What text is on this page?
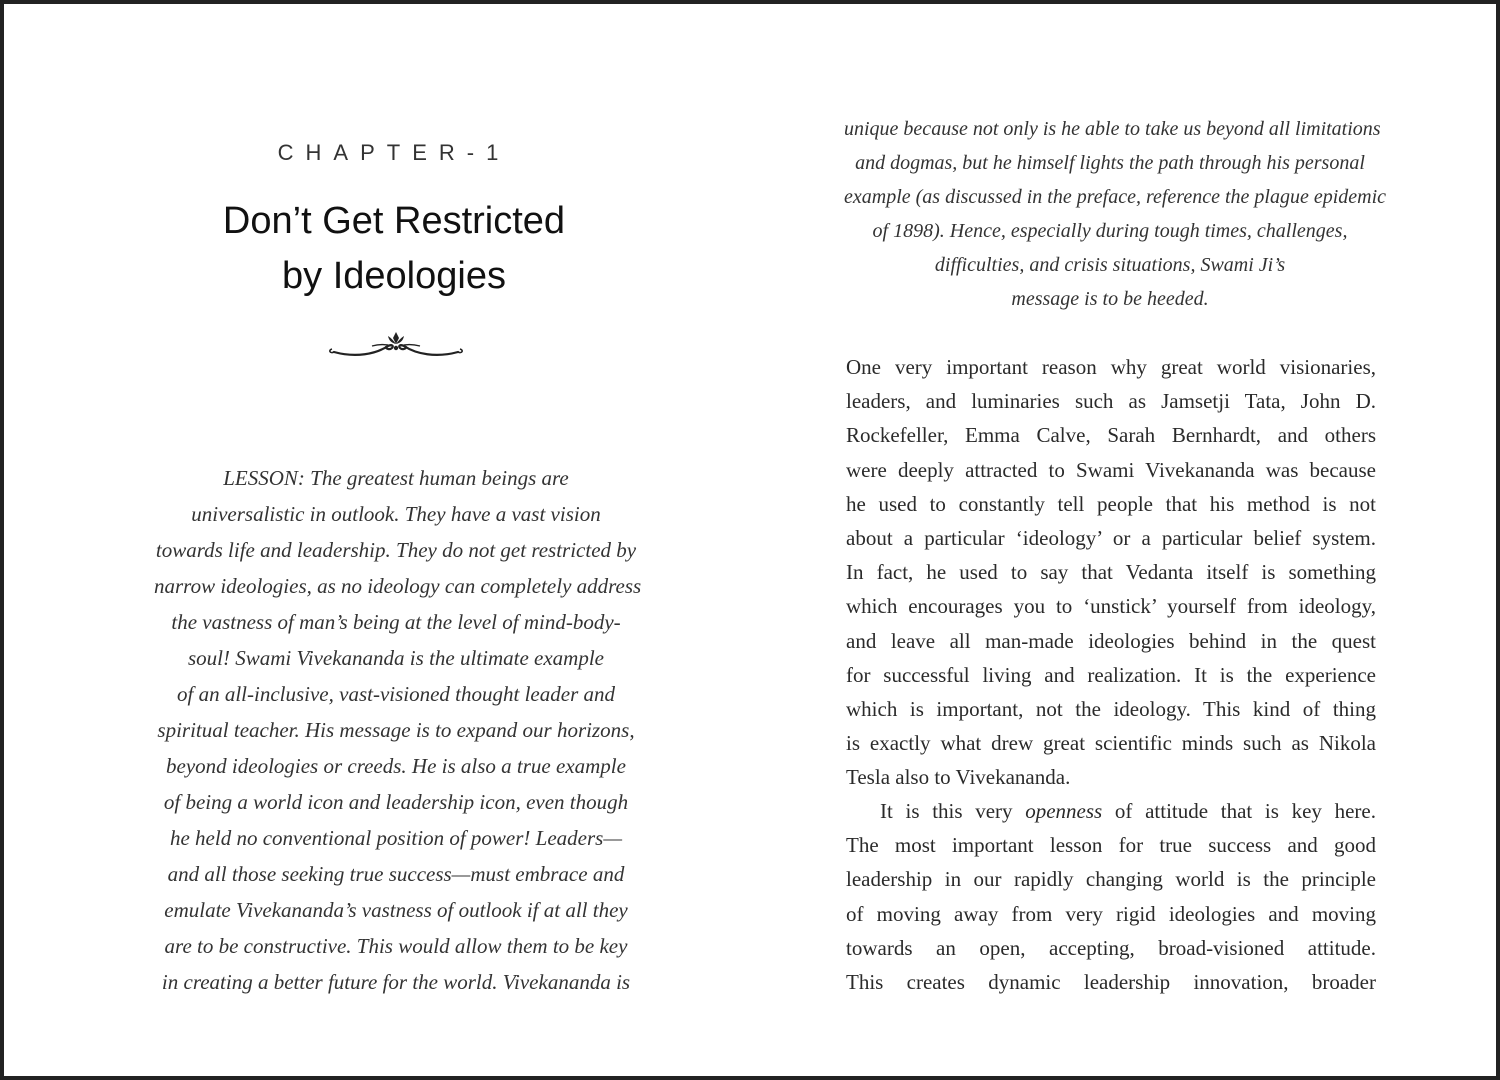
CHAPTER-1
Don’t Get Restricted
by Ideologies

LESSON: The greatest human beings are
universalistic in outlook. They have a vast vision
towards life and leadership. They do not get restricted by
narrow ideologies, as no ideology can completely address
the vastness of man’s being at the level of mind-body-
soul! Swami Vivekananda is the ultimate example
of an all-inclusive, vast-visioned thought leader and
spiritual teacher. His message is to expand our horizons,
beyond ideologies or creeds. He is also a true example
of being a world icon and leadership icon, even though
he held no conventional position of power! Leaders—
and all those seeking true success—must embrace and
emulate Vivekananda’s vastness of outlook if at all they
are to be constructive. This would allow them to be key
in creating a better future for the world. Vivekananda is

unique because not only is he able to take us beyond all limitations
and dogmas, but he himself lights the path through his personal
example (as discussed in the preface, reference the plague epidemic
of 1898). Hence, especially during tough times, challenges,
difficulties, and crisis situations, Swami Ji’s
message is to be heeded.

One very important reason why great world visionaries,
leaders, and luminaries such as Jamsetji Tata, John D.
Rockefeller, Emma Calve, Sarah Bernhardt, and others
were deeply attracted to Swami Vivekananda was because
he used to constantly tell people that his method is not
about a particular ‘ideology’ or a particular belief system.
In fact, he used to say that Vedanta itself is something
which encourages you to ‘unstick’ yourself from ideology,
and leave all man-made ideologies behind in the quest
for successful living and realization. It is the experience
which is important, not the ideology. This kind of thing
is exactly what drew great scientific minds such as Nikola
Tesla also to Vivekananda.
It is this very openness of attitude that is key here.
The most important lesson for true success and good
leadership in our rapidly changing world is the principle
of moving away from very rigid ideologies and moving
towards an open, accepting, broad-visioned attitude.
This creates dynamic leadership innovation, broader
